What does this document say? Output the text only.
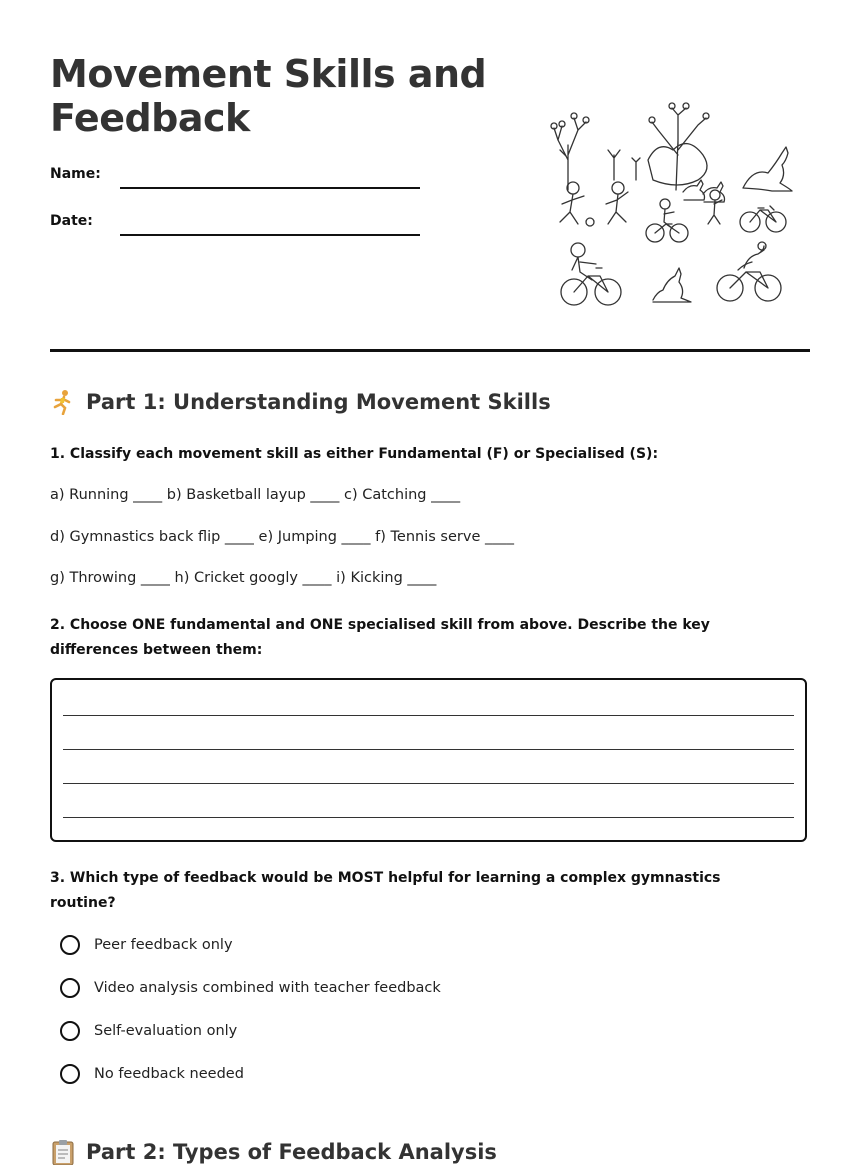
Movement Skills and Feedback
Name:
Date:
Part 1: Understanding Movement Skills
1. Classify each movement skill as either Fundamental (F) or Specialised (S):
a) Running ____ b) Basketball layup ____ c) Catching ____
d) Gymnastics back flip ____ e) Jumping ____ f) Tennis serve ____
g) Throwing ____ h) Cricket googly ____ i) Kicking ____
2. Choose ONE fundamental and ONE specialised skill from above. Describe the key differences between them:
3. Which type of feedback would be MOST helpful for learning a complex gymnastics routine?
Peer feedback only
Video analysis combined with teacher feedback
Self-evaluation only
No feedback needed
Part 2: Types of Feedback Analysis
